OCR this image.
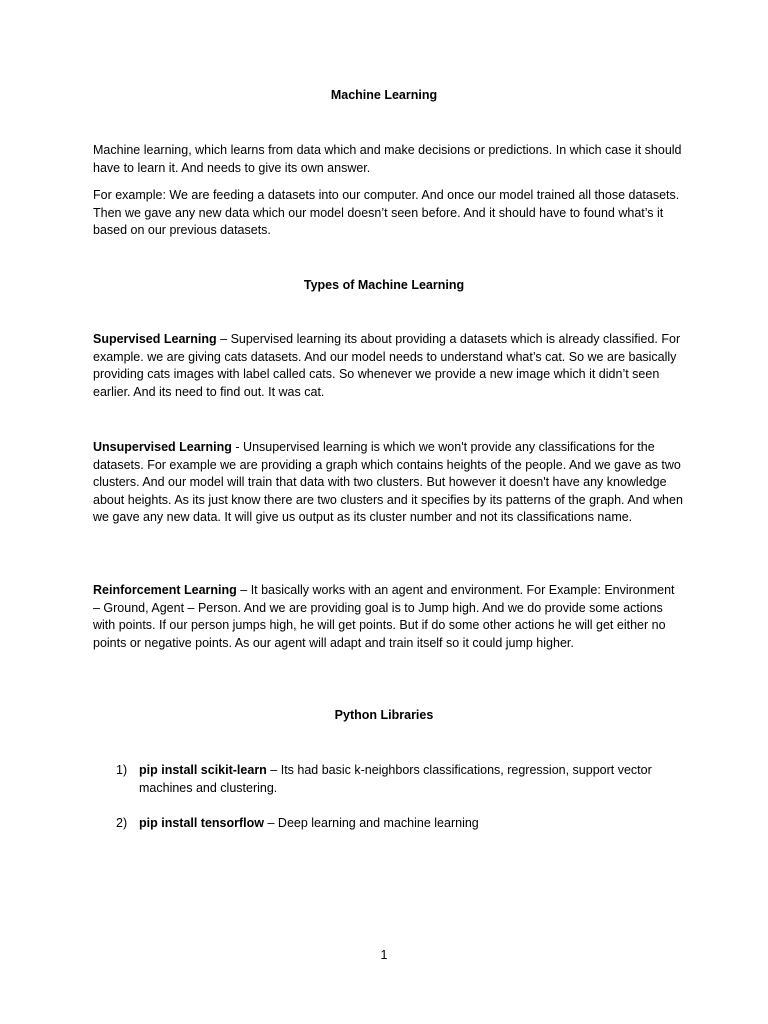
Machine Learning

Machine learning, which learns from data which and make decisions or predictions. In which case it should have to learn it. And needs to give its own answer.

For example: We are feeding a datasets into our computer. And once our model trained all those datasets. Then we gave any new data which our model doesn’t seen before. And it should have to found what’s it based on our previous datasets.

Types of Machine Learning

Supervised Learning – Supervised learning its about providing a datasets which is already classified. For example. we are giving cats datasets. And our model needs to understand what’s cat. So we are basically providing cats images with label called cats. So whenever we provide a new image which it didn’t seen earlier. And its need to find out. It was cat.

Unsupervised Learning - Unsupervised learning is which we won't provide any classifications for the datasets. For example we are providing a graph which contains heights of the people. And we gave as two clusters. And our model will train that data with two clusters. But however it doesn't have any knowledge about heights. As its just know there are two clusters and it specifies by its patterns of the graph. And when we gave any new data. It will give us output as its cluster number and not its classifications name.

Reinforcement Learning – It basically works with an agent and environment. For Example: Environment – Ground, Agent – Person. And we are providing goal is to Jump high. And we do provide some actions with points. If our person jumps high, he will get points. But if do some other actions he will get either no points or negative points. As our agent will adapt and train itself so it could jump higher.

Python Libraries
1) pip install scikit-learn – Its had basic k-neighbors classifications, regression, support vector machines and clustering.
2) pip install tensorflow – Deep learning and machine learning
1
